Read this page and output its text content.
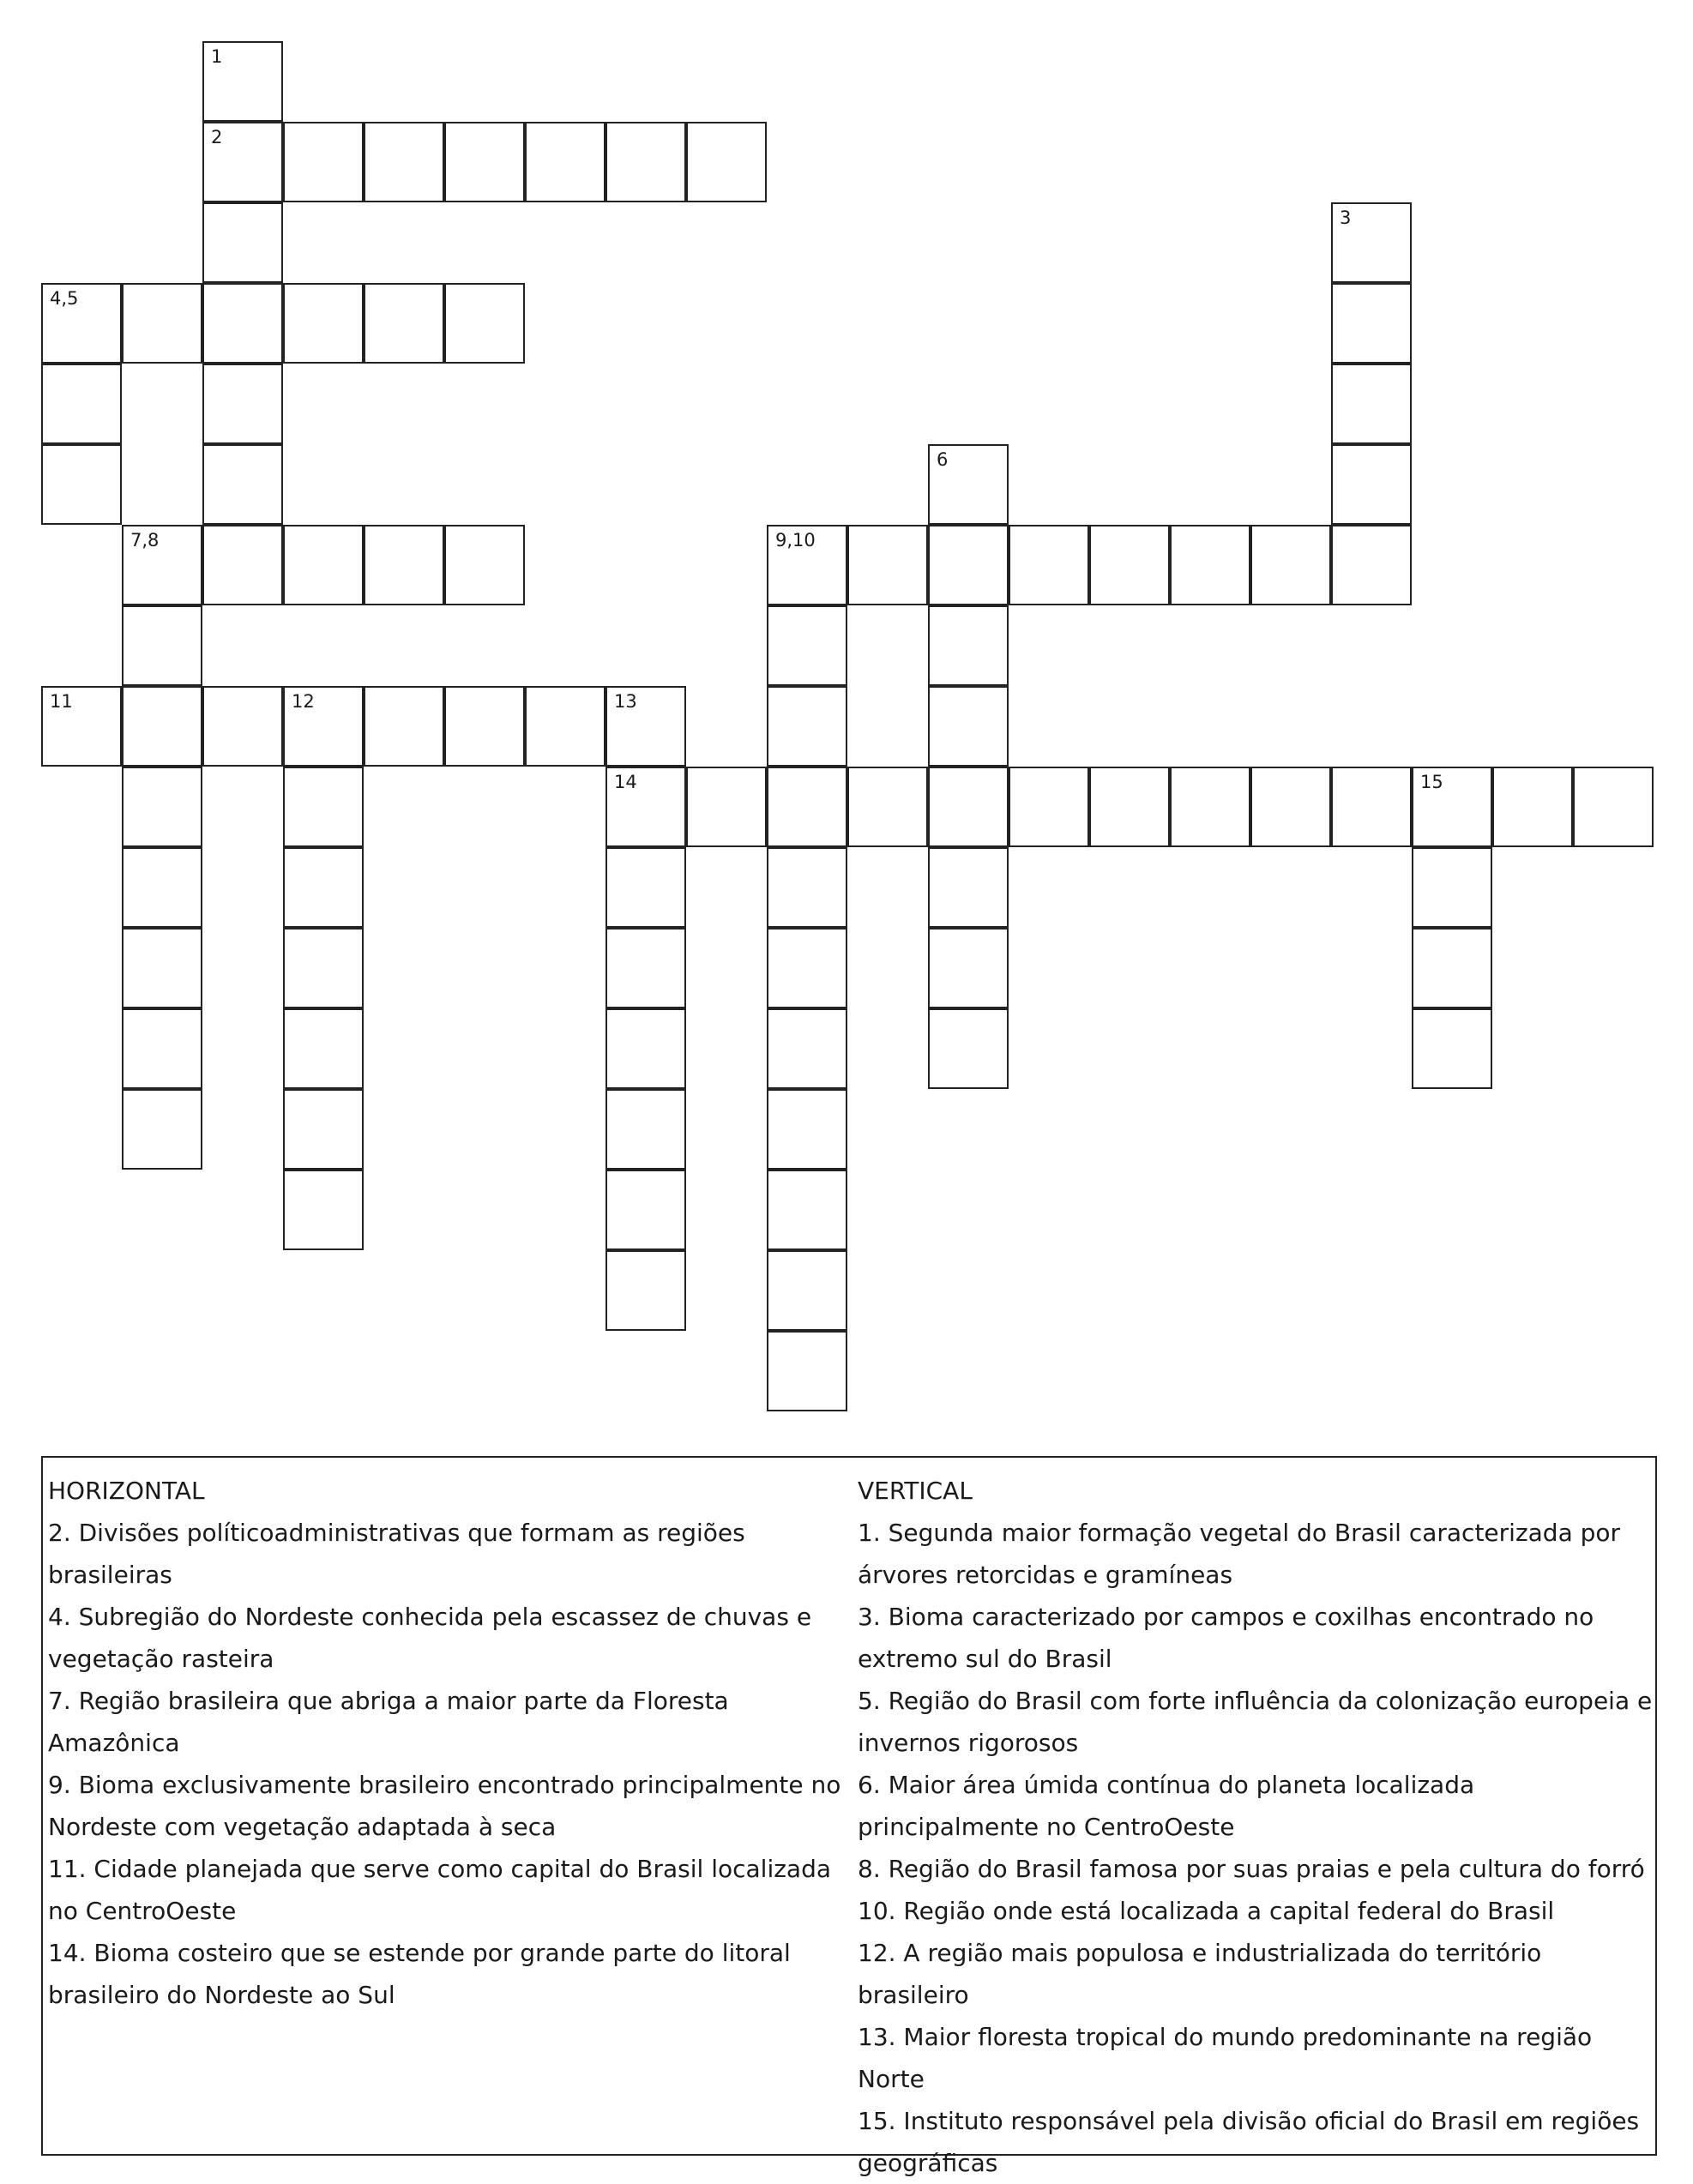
1
2
3
4,5
6
7,8	9,10
11	12	13
14	15
HORIZONTAL
2. Divisões políticoadministrativas que formam as regiões brasileiras
4. Subregião do Nordeste conhecida pela escassez de chuvas e vegetação rasteira
7. Região brasileira que abriga a maior parte da Floresta Amazônica
9. Bioma exclusivamente brasileiro encontrado principalmente no Nordeste com vegetação adaptada à seca
11. Cidade planejada que serve como capital do Brasil localizada no CentroOeste
14. Bioma costeiro que se estende por grande parte do litoral brasileiro do Nordeste ao Sul
VERTICAL
1. Segunda maior formação vegetal do Brasil caracterizada por árvores retorcidas e gramíneas
3. Bioma caracterizado por campos e coxilhas encontrado no extremo sul do Brasil
5. Região do Brasil com forte influência da colonização europeia e invernos rigorosos
6. Maior área úmida contínua do planeta localizada principalmente no CentroOeste
8. Região do Brasil famosa por suas praias e pela cultura do forró
10. Região onde está localizada a capital federal do Brasil
12. A região mais populosa e industrializada do território brasileiro
13. Maior floresta tropical do mundo predominante na região Norte
15. Instituto responsável pela divisão oficial do Brasil em regiões geográficas
